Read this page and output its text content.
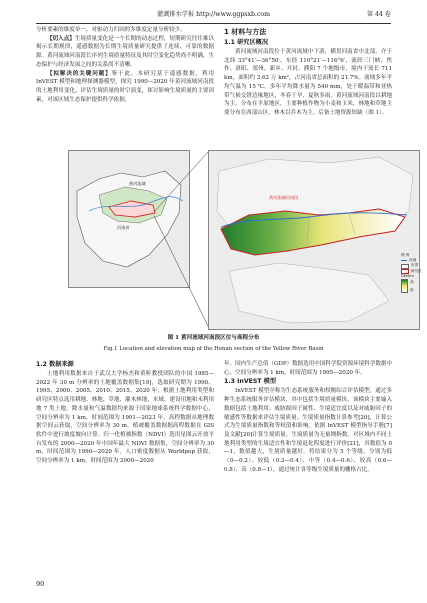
灌溉排水学报 http://www.ggpsxb.com	第 44 卷

分析要素的维度单一，对驱动力归因的多维度定量分析较少。

【切入点】生境质量变化是一个长期的动态过程，短期研究往往难以揭示长期规律，遥感数据为长期生境质量研究提供了连续、可靠的数据源。黄河流域河南段长序列生境质量特征及其时空变化趋势尚不明确，生态保护与经济发展之间的关系尚不清晰。

【拟解决的关键问题】鉴于此，本研究基于遥感数据，利用 InVEST 模型和地理探测器模型，探究 1990—2020 年黄河流域河南段的土地利用变化，评估生境质量的时空演变，探讨影响生境质量的主要因素，对该区域生态保护提供科学依据。

1 材料与方法
1.1 研究区概况

黄河流域河南段位于黄河流域中下游，横贯河南省中北部，介于北纬 33°41′—36°50′、东经 110°21′—116°6′，流经三门峡、焦作、洛阳、郑州、新乡、开封、濮阳 7 个地级市，境内干流长 711 km，面积约 3.62 万 km²，占河南省总面积的 21.7%。流域多年平均气温为 15 ℃，多年平均降水量为 540 mm，处于暖温带和亚热带气候交错边缘地区，冬春干旱，夏秋多雨。黄河流域河南段以耕地为主，分布在平原地区，主要种植作物为小麦和玉米，林地和草地主要分布在西部山区，林木以乔木为主。后备土地资源短缺（图 1）。

河南省
黄河流域
黄河流域河南段
图 例
河流
市界
研究区
DEM/m
高
低
图 1 黄河流域河南段区位与高程分布
Fig.1 Location and elevation map of the Henan section of the Yellow River Basin
1.2 数据来源

土地利用数据来自于武汉大学杨杰和黄昕教授团队的中国 1985—2022 年 30 m 分辨率的土地覆盖数据集[19]，选取研究期为 1990、1995、2000、2005、2010、2015、2020 年；根据土地利用类型和研究区特点选用耕地、林地、草地、灌木林地、水域、建设用地和未利用地 7 类土地。降水量和气温数据均来源于国家地球系统科学数据中心，空间分辨率为 1 km，时间范围为 1901—2023 年。高程数据从地理数据空间云获取，空间分辨率为 30 m。植被覆盖数据据高程数据在 GIS 软件中进行坡度坡向计算。归一化植被指数（NDVI）选用星图云开放平台发布的 2000—2020 年中国年最大 NDVI 数据集，空间分辨率为 30 m，时间范围为 1990—2020 年。人口密度数据从 Worldpop 获取，空间分辨率为 1 km，时间范围为 2000—2020

年。国内生产总值（GDP）数据选用中国科学院资源环境科学数据中心，空间分辨率为 1 km，时间范围为 1995—2020 年。

1.3 InVEST 模型

InVEST 模型全称为生态系统服务和权衡综合评估模型，通过多种生态系统服务评估模块，其中包括生境质量模块，该模块主要输入数据包括土地利用、威胁源因子属性、生境适宜度以及对威胁因子的敏感性等数据来评估生境质量。生境质量指数计算参考[20]，计算公式为生境质量指数和等权值和影响。依据 InVEST 模型指导手册[7]及文献[20]计算生境质量。生境质量为无量纲指数，对区域内不同土地利用类型的生境适宜性和生境退化程度进行评价[21]，其数值为 0—1，数值越大，生境质量越好。将结果分为 5 个等级，分别为低（0—0.2）、较低（0.2—0.4）、中等（0.4—0.6）、较高（0.6—0.8）、高（0.8—1），通过统计各等级生境质量的栅格占比。

90
